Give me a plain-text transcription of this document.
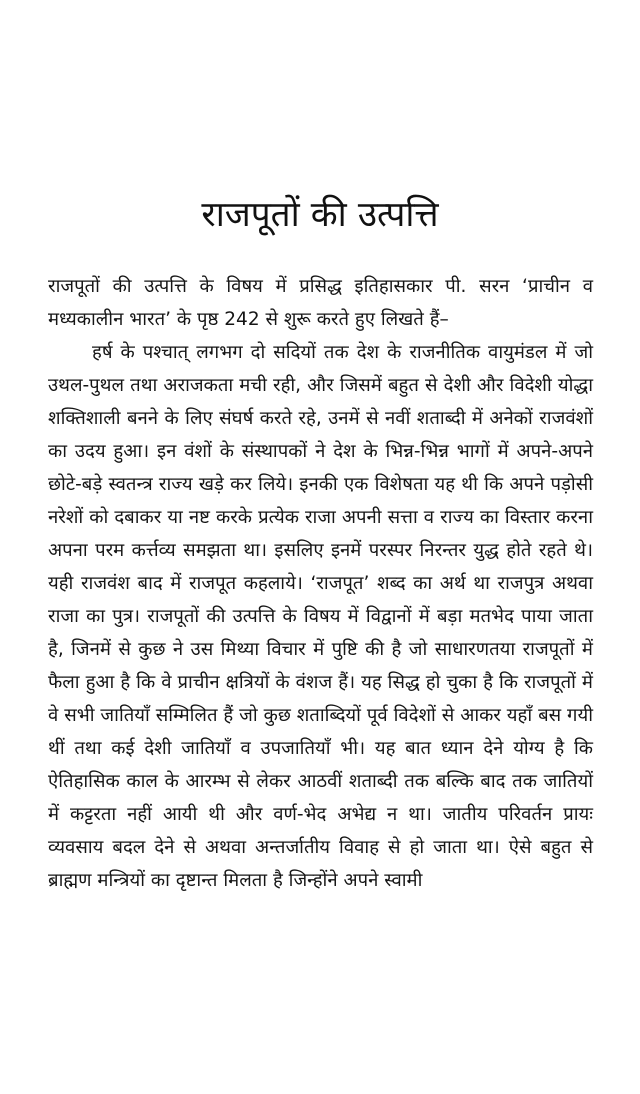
राजपूतों की उत्पत्ति

राजपूतों की उत्पत्ति के विषय में प्रसिद्ध इतिहासकार पी. सरन ‘प्राचीन व मध्यकालीन भारत’ के पृष्ठ 242 से शुरू करते हुए लिखते हैं–

हर्ष के पश्चात् लगभग दो सदियों तक देश के राजनीतिक वायुमंडल में जो उथल-पुथल तथा अराजकता मची रही, और जिसमें बहुत से देशी और विदेशी योद्धा शक्तिशाली बनने के लिए संघर्ष करते रहे, उनमें से नवीं शताब्दी में अनेकों राजवंशों का उदय हुआ। इन वंशों के संस्थापकों ने देश के भिन्न-भिन्न भागों में अपने-अपने छोटे-बड़े स्वतन्त्र राज्य खड़े कर लिये। इनकी एक विशेषता यह थी कि अपने पड़ोसी नरेशों को दबाकर या नष्ट करके प्रत्येक राजा अपनी सत्ता व राज्य का विस्तार करना अपना परम कर्त्तव्य समझता था। इसलिए इनमें परस्पर निरन्तर युद्ध होते रहते थे। यही राजवंश बाद में राजपूत कहलाये। ‘राजपूत’ शब्द का अर्थ था राजपुत्र अथवा राजा का पुत्र। राजपूतों की उत्पत्ति के विषय में विद्वानों में बड़ा मतभेद पाया जाता है, जिनमें से कुछ ने उस मिथ्या विचार में पुष्टि की है जो साधारणतया राजपूतों में फैला हुआ है कि वे प्राचीन क्षत्रियों के वंशज हैं। यह सिद्ध हो चुका है कि राजपूतों में वे सभी जातियाँ सम्मिलित हैं जो कुछ शताब्दियों पूर्व विदेशों से आकर यहाँ बस गयी थीं तथा कई देशी जातियाँ व उपजातियाँ भी। यह बात ध्यान देने योग्य है कि ऐतिहासिक काल के आरम्भ से लेकर आठवीं शताब्दी तक बल्कि बाद तक जातियों में कट्टरता नहीं आयी थी और वर्ण-भेद अभेद्य न था। जातीय परिवर्तन प्रायः व्यवसाय बदल देने से अथवा अन्तर्जातीय विवाह से हो जाता था। ऐसे बहुत से ब्राह्मण मन्त्रियों का दृष्टान्त मिलता है जिन्होंने अपने स्वामी
